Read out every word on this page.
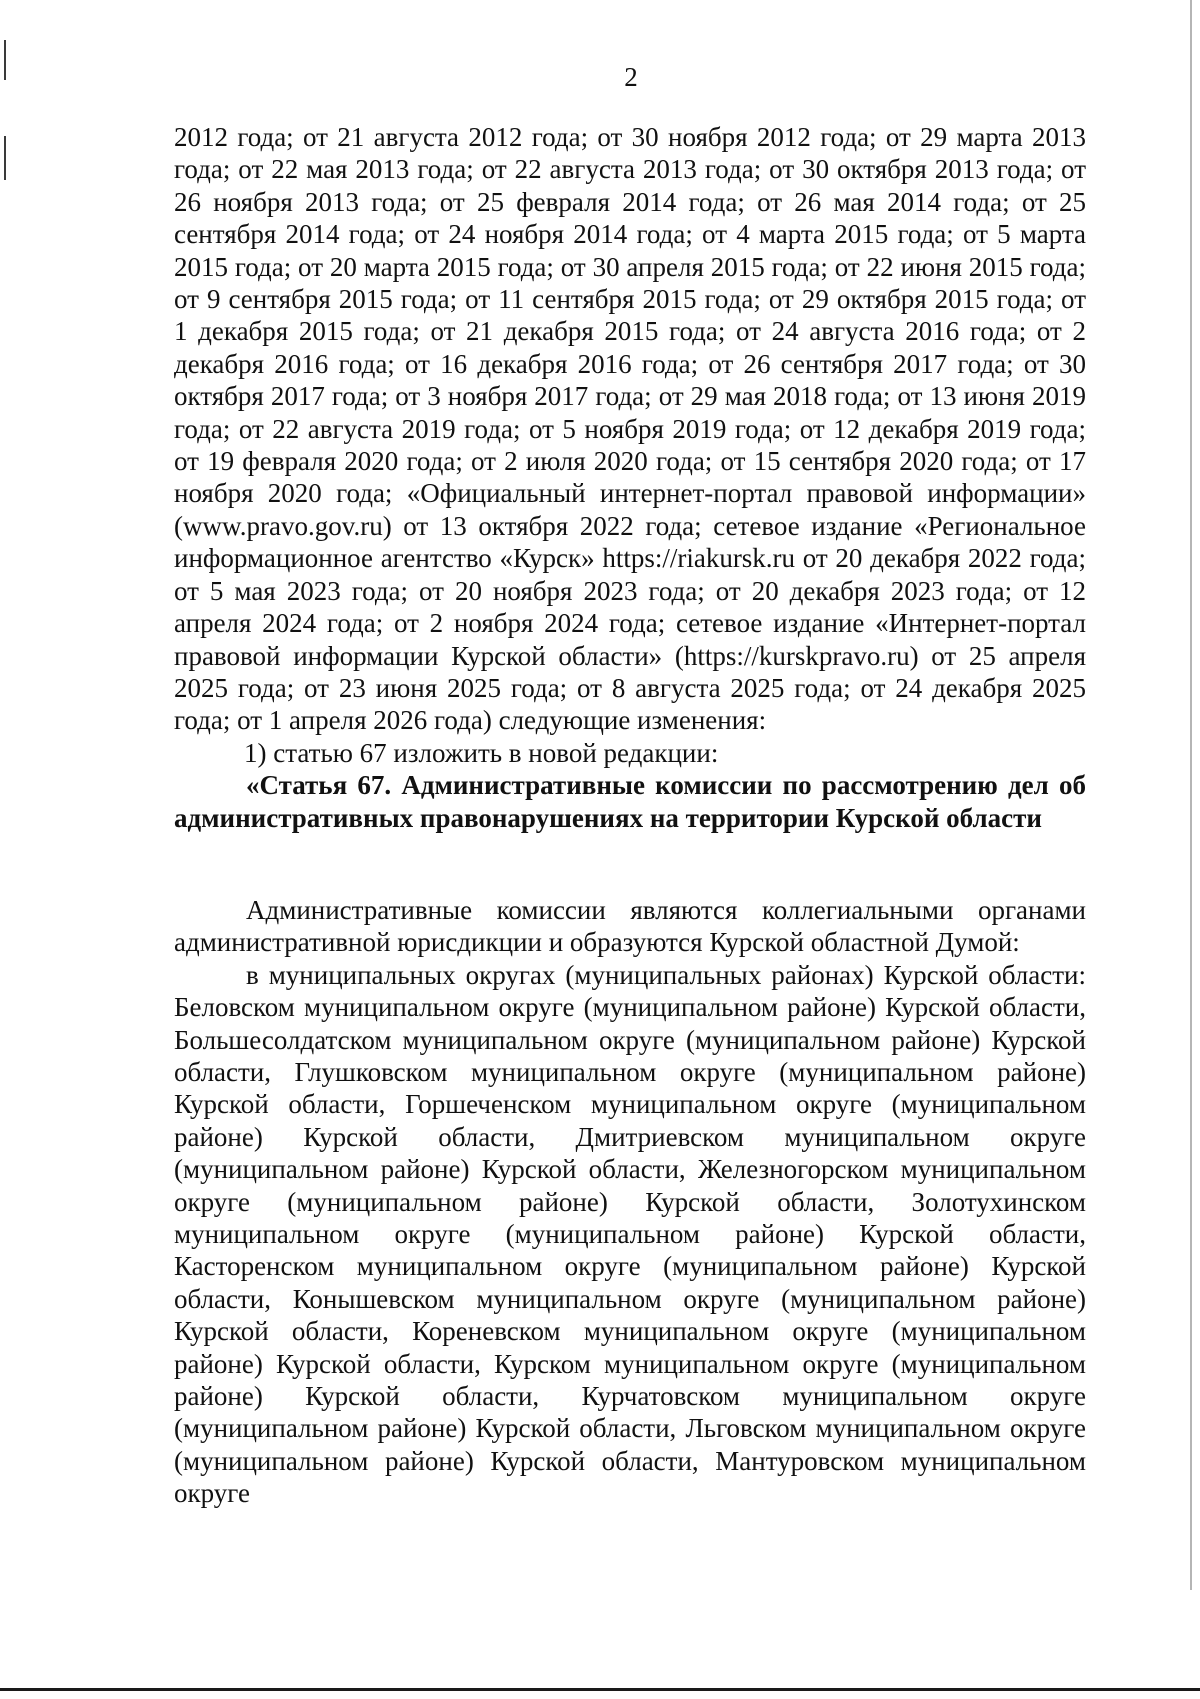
2

2012 года; от 21 августа 2012 года; от 30 ноября 2012 года; от 29 марта 2013 года; от 22 мая 2013 года; от 22 августа 2013 года; от 30 октября 2013 года; от 26 ноября 2013 года; от 25 февраля 2014 года; от 26 мая 2014 года; от 25 сентября 2014 года; от 24 ноября 2014 года; от 4 марта 2015 года; от 5 марта 2015 года; от 20 марта 2015 года; от 30 апреля 2015 года; от 22 июня 2015 года; от 9 сентября 2015 года; от 11 сентября 2015 года; от 29 октября 2015 года; от 1 декабря 2015 года; от 21 декабря 2015 года; от 24 августа 2016 года; от 2 декабря 2016 года; от 16 декабря 2016 года; от 26 сентября 2017 года; от 30 октября 2017 года; от 3 ноября 2017 года; от 29 мая 2018 года; от 13 июня 2019 года; от 22 августа 2019 года; от 5 ноября 2019 года; от 12 декабря 2019 года; от 19 февраля 2020 года; от 2 июля 2020 года; от 15 сентября 2020 года; от 17 ноября 2020 года; «Официальный интернет-портал правовой информации» (www.pravo.gov.ru) от 13 октября 2022 года; сетевое издание «Региональное информационное агентство «Курск» https://riakursk.ru от 20 декабря 2022 года; от 5 мая 2023 года; от 20 ноября 2023 года; от 20 декабря 2023 года; от 12 апреля 2024 года; от 2 ноября 2024 года; сетевое издание «Интернет-портал правовой информации Курской области» (https://kurskpravo.ru) от 25 апреля 2025 года; от 23 июня 2025 года; от 8 августа 2025 года; от 24 декабря 2025 года; от 1 апреля 2026 года) следующие изменения:

1) статью 67 изложить в новой редакции:

«Статья 67. Административные комиссии по рассмотрению дел об административных правонарушениях на территории Курской области

Административные комиссии являются коллегиальными органами административной юрисдикции и образуются Курской областной Думой:

в муниципальных округах (муниципальных районах) Курской области: Беловском муниципальном округе (муниципальном районе) Курской области, Большесолдатском муниципальном округе (муниципальном районе) Курской области, Глушковском муниципальном округе (муниципальном районе) Курской области, Горшеченском муниципальном округе (муниципальном районе) Курской области, Дмитриевском муниципальном округе (муниципальном районе) Курской области, Железногорском муниципальном округе (муниципальном районе) Курской области, Золотухинском муниципальном округе (муниципальном районе) Курской области, Касторенском муниципальном округе (муниципальном районе) Курской области, Конышевском муниципальном округе (муниципальном районе) Курской области, Кореневском муниципальном округе (муниципальном районе) Курской области, Курском муниципальном округе (муниципальном районе) Курской области, Курчатовском муниципальном округе (муниципальном районе) Курской области, Льговском муниципальном округе (муниципальном районе) Курской области, Мантуровском муниципальном округе
